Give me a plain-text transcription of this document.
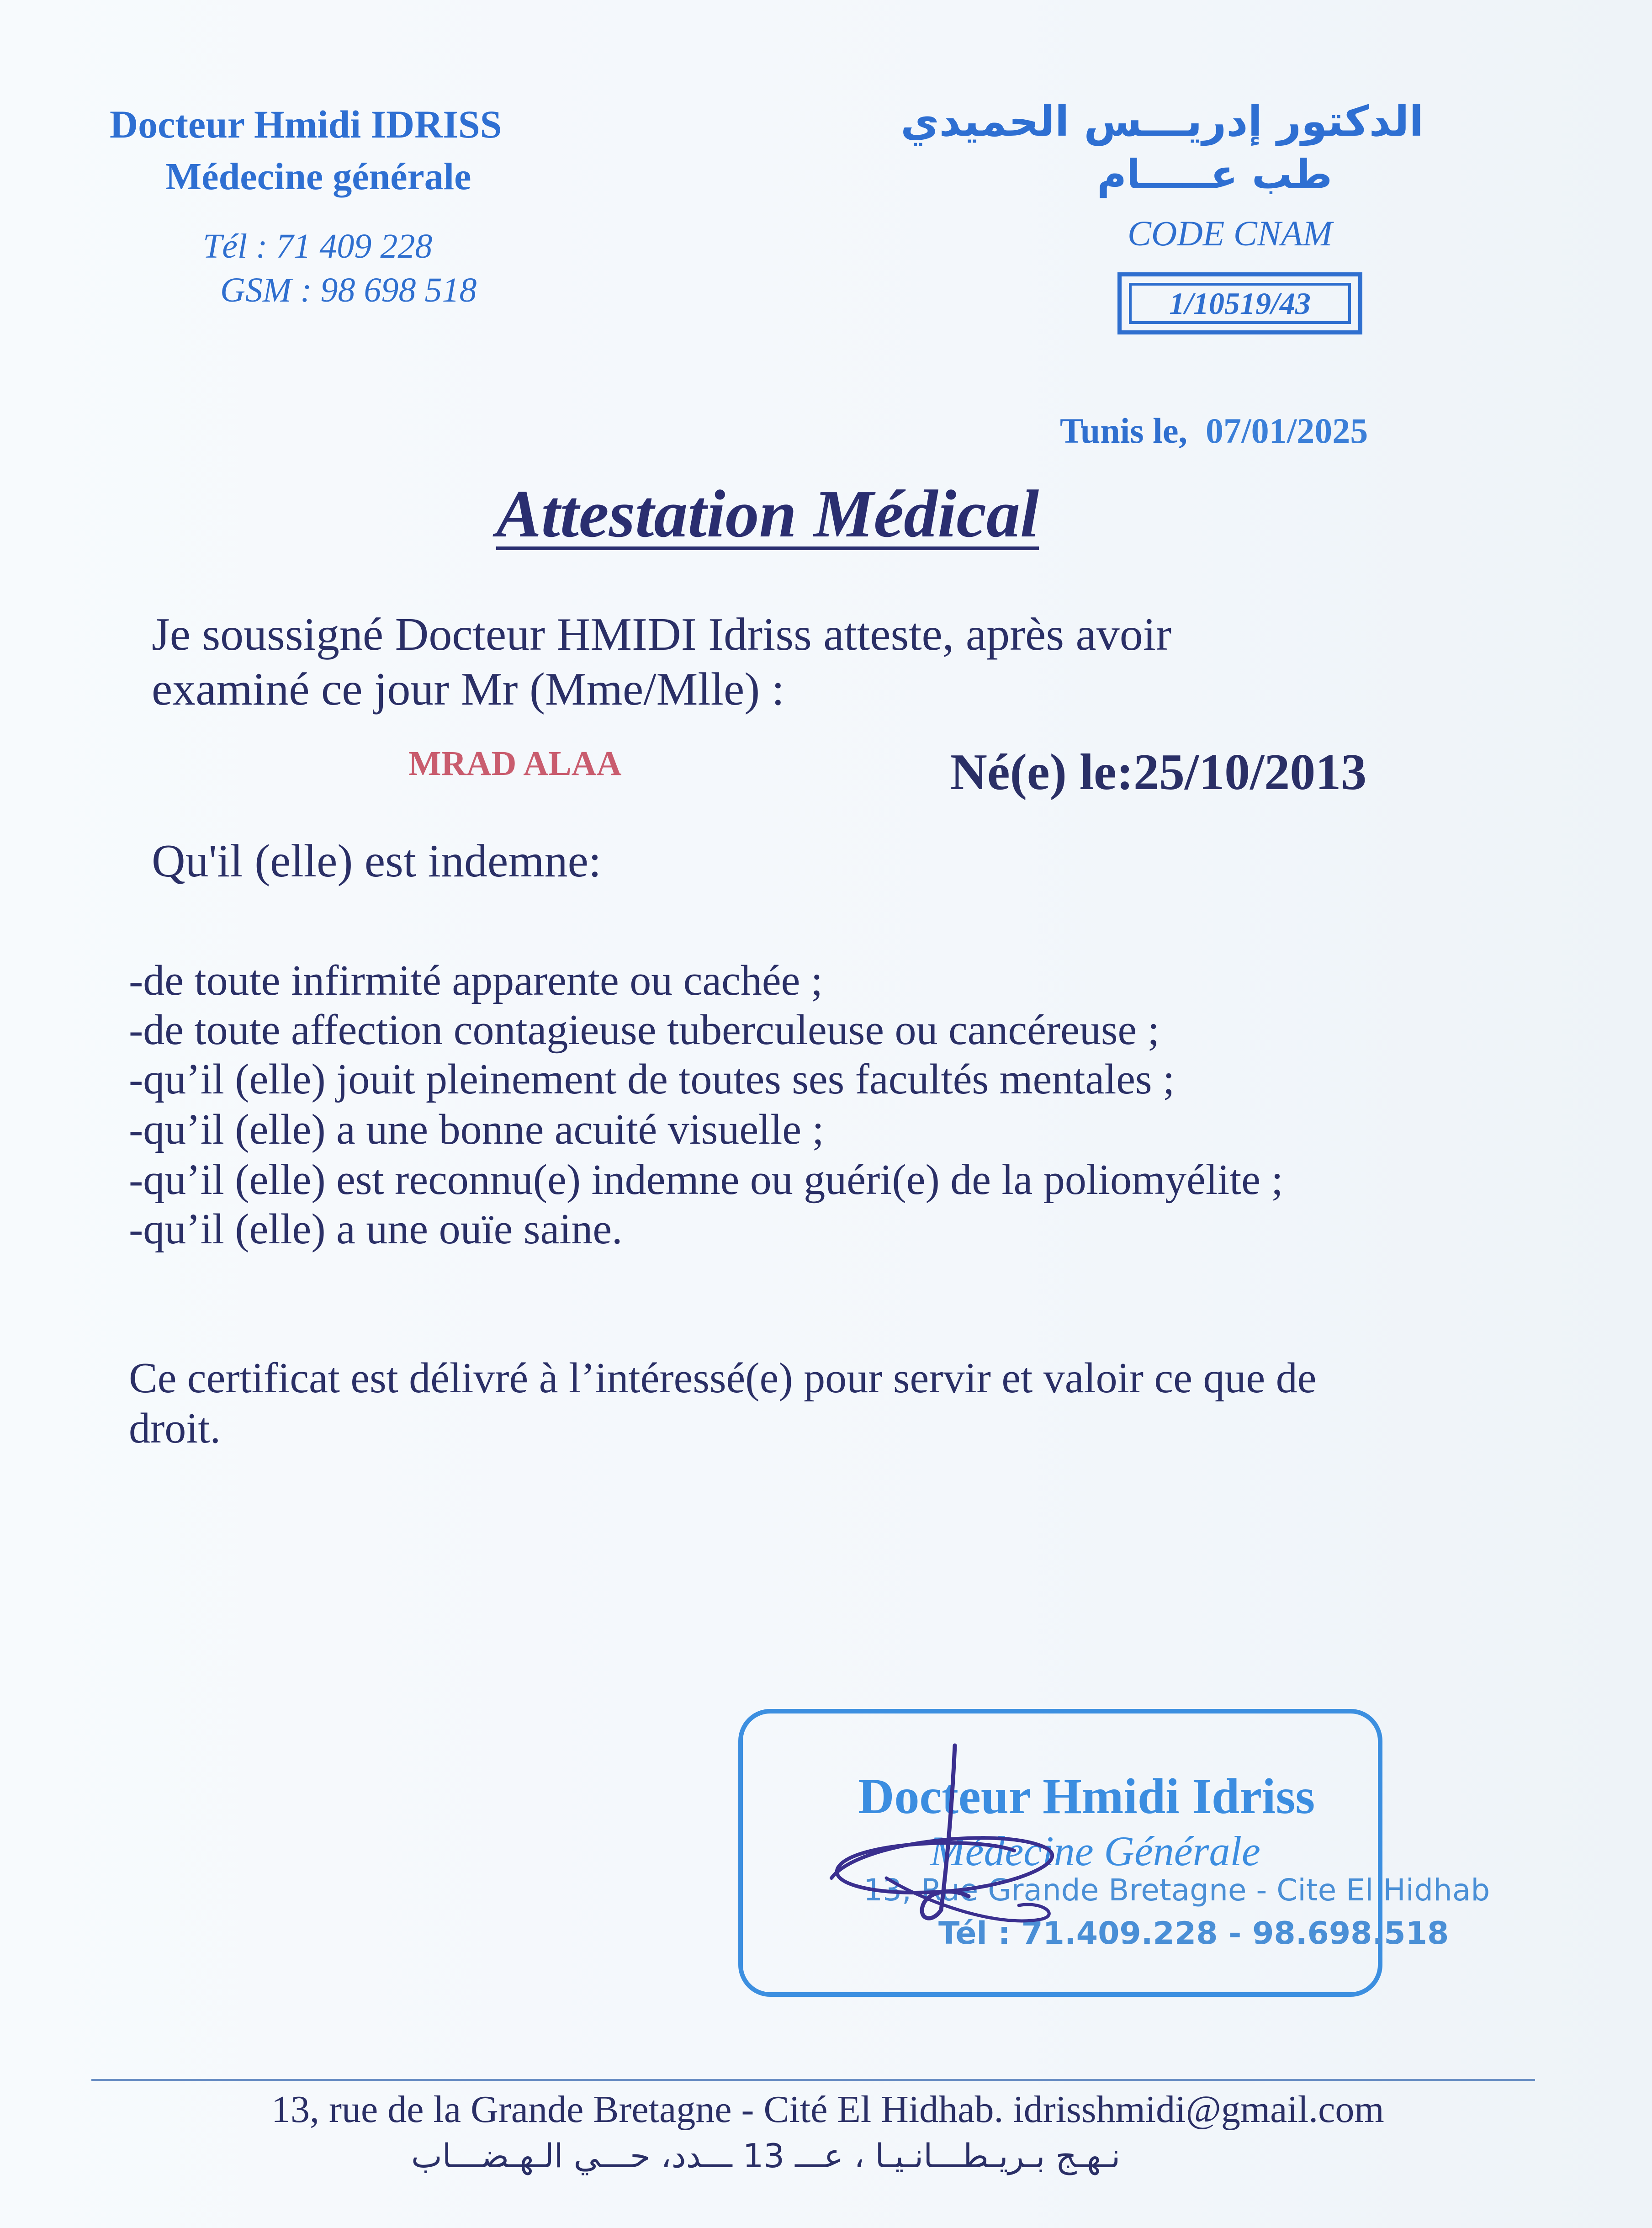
Docteur Hmidi IDRISS
Médecine générale
Tél : 71 409 228
GSM : 98 698 518
الدكتور إدريـــس الحميدي
طب عـــــام
CODE CNAM
1/10519/43
Tunis le, 07/01/2025
Attestation Médical
Je soussigné Docteur HMIDI Idriss atteste, après avoir
examiné ce jour Mr (Mme/Mlle) :
MRAD ALAA	Né(e) le:25/10/2013
Qu'il (elle) est indemne:
-de toute infirmité apparente ou cachée ;
-de toute affection contagieuse tuberculeuse ou cancéreuse ;
-qu’il (elle) jouit pleinement de toutes ses facultés mentales ;
-qu’il (elle) a une bonne acuité visuelle ;
-qu’il (elle) est reconnu(e) indemne ou guéri(e) de la poliomyélite ;
-qu’il (elle) a une ouïe saine.
Ce certificat est délivré à l’intéressé(e) pour servir et valoir ce que de
droit.
Docteur Hmidi Idriss
Médecine Générale
13, Rue Grande Bretagne - Cite El Hidhab
Tél : 71.409.228 - 98.698.518
13, rue de la Grande Bretagne - Cité El Hidhab. idrisshmidi@gmail.com
نـهـج بـريـطـــانـيـا ، عـــ 13 ـــدد، حـــي الـهـضـــاب
